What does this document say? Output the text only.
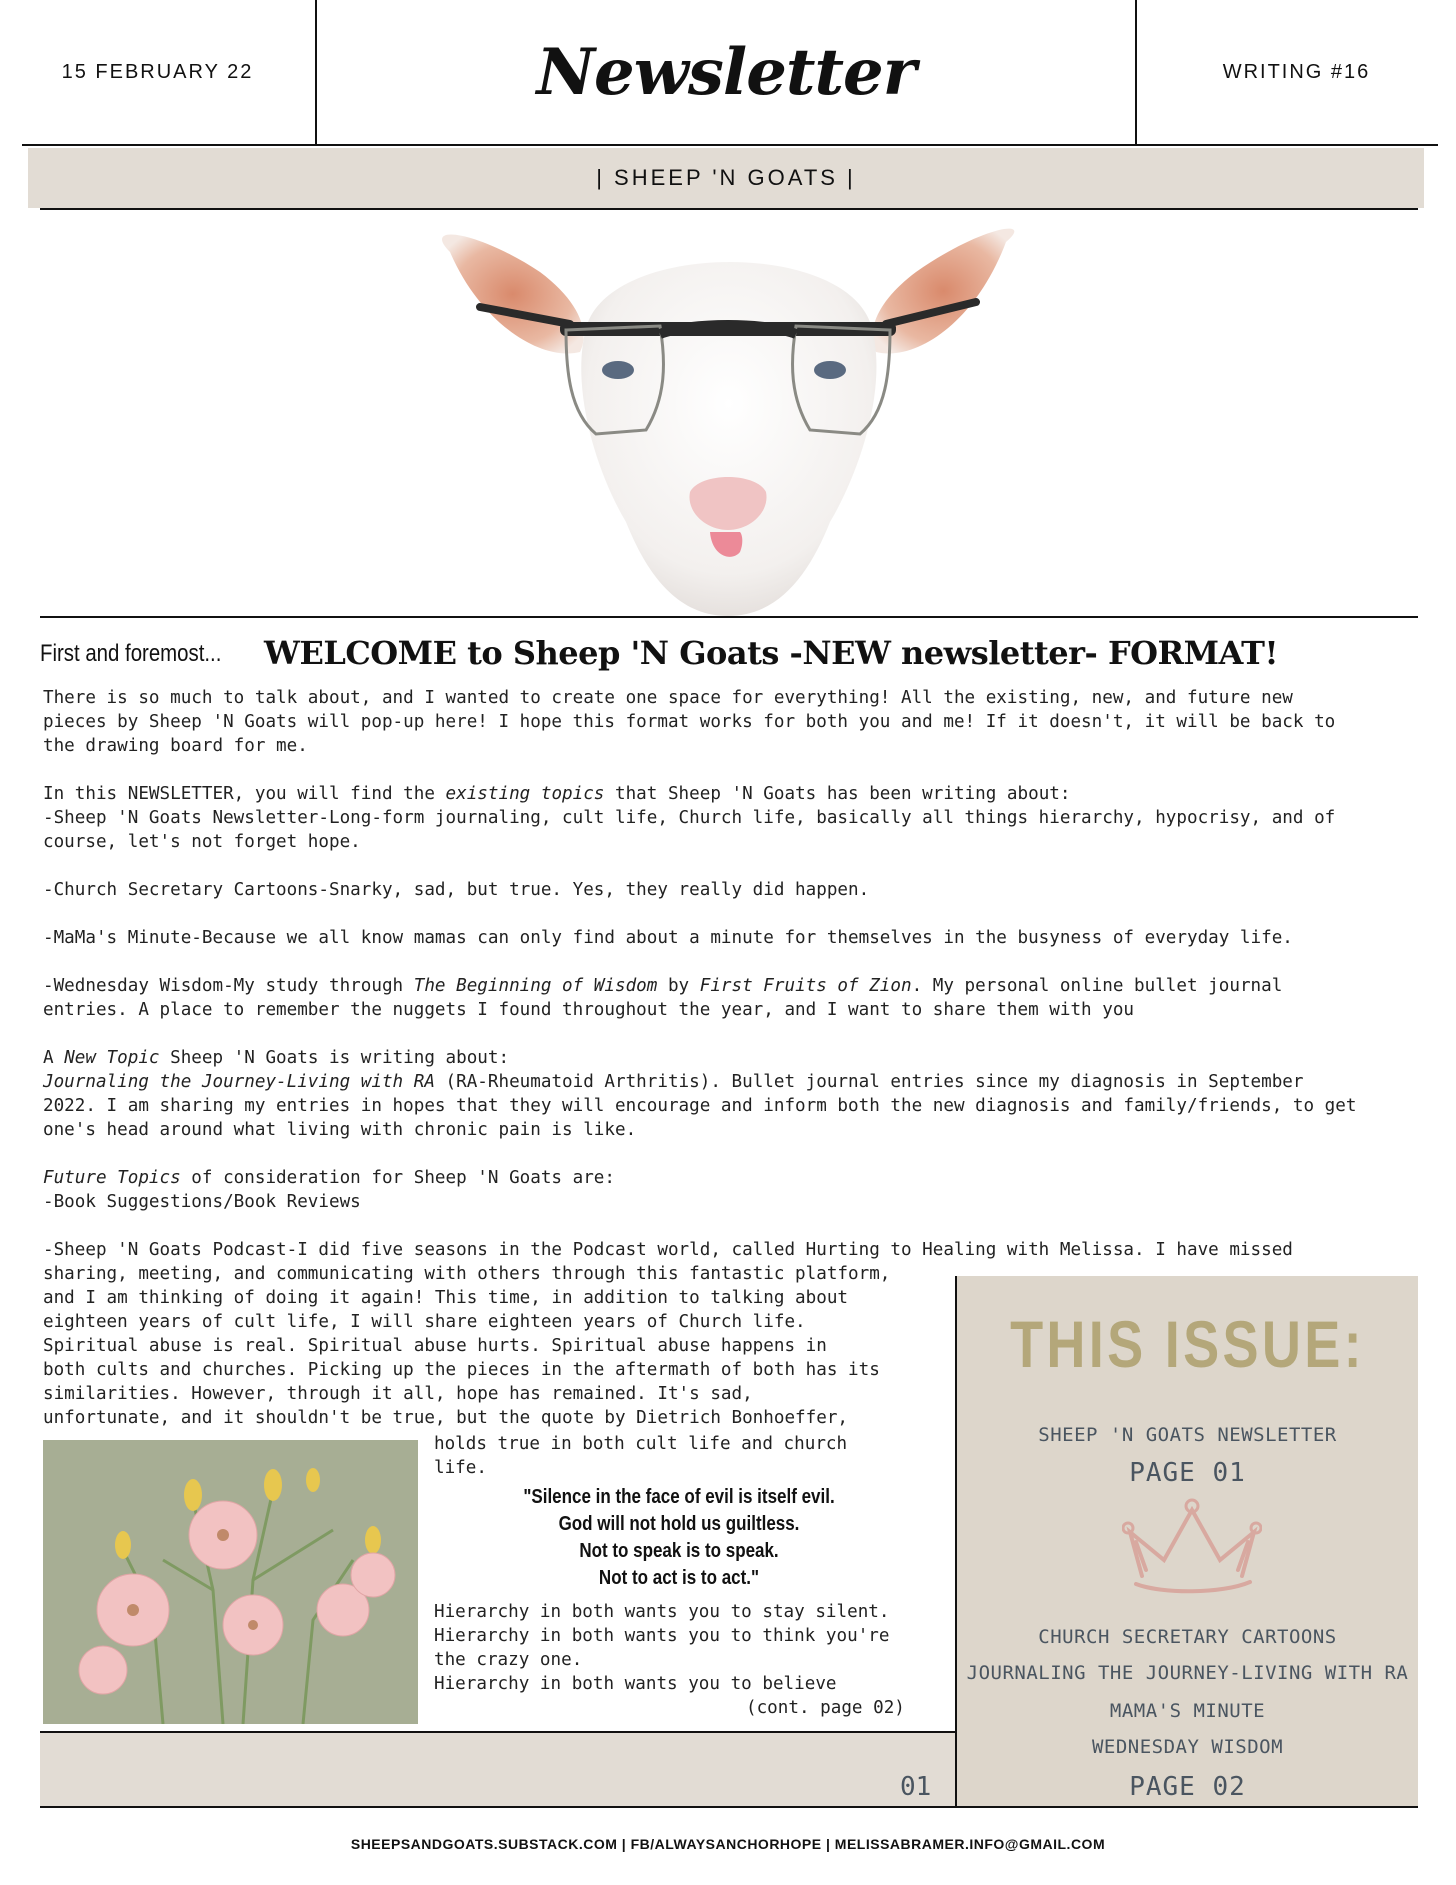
15 FEBRUARY 22	Newsletter	WRITING #16
| SHEEP 'N GOATS |
First and foremost... WELCOME to Sheep 'N Goats -NEW newsletter- FORMAT!
There is so much to talk about, and I wanted to create one space for everything! All the existing, new, and future new
pieces by Sheep 'N Goats will pop-up here! I hope this format works for both you and me! If it doesn't, it will be back to
the drawing board for me.
In this NEWSLETTER, you will find the existing topics that Sheep 'N Goats has been writing about:
-Sheep 'N Goats Newsletter-Long-form journaling, cult life, Church life, basically all things hierarchy, hypocrisy, and of
course, let's not forget hope.
-Church Secretary Cartoons-Snarky, sad, but true. Yes, they really did happen.
-MaMa's Minute-Because we all know mamas can only find about a minute for themselves in the busyness of everyday life.
-Wednesday Wisdom-My study through The Beginning of Wisdom by First Fruits of Zion. My personal online bullet journal
entries. A place to remember the nuggets I found throughout the year, and I want to share them with you
A New Topic Sheep 'N Goats is writing about:
Journaling the Journey-Living with RA (RA-Rheumatoid Arthritis). Bullet journal entries since my diagnosis in September
2022. I am sharing my entries in hopes that they will encourage and inform both the new diagnosis and family/friends, to get
one's head around what living with chronic pain is like.
Future Topics of consideration for Sheep 'N Goats are:
-Book Suggestions/Book Reviews
-Sheep 'N Goats Podcast-I did five seasons in the Podcast world, called Hurting to Healing with Melissa. I have missed
sharing, meeting, and communicating with others through this fantastic platform,
and I am thinking of doing it again! This time, in addition to talking about
eighteen years of cult life, I will share eighteen years of Church life.
Spiritual abuse is real. Spiritual abuse hurts. Spiritual abuse happens in
both cults and churches. Picking up the pieces in the aftermath of both has its
similarities. However, through it all, hope has remained. It's sad,
unfortunate, and it shouldn't be true, but the quote by Dietrich Bonhoeffer,
holds true in both cult life and church
life.
"Silence in the face of evil is itself evil.
God will not hold us guiltless.
Not to speak is to speak.
Not to act is to act."
Hierarchy in both wants you to stay silent.
Hierarchy in both wants you to think you're
the crazy one.
Hierarchy in both wants you to believe
(cont. page 02)
THIS ISSUE:
SHEEP 'N GOATS NEWSLETTER
PAGE 01
CHURCH SECRETARY CARTOONS
JOURNALING THE JOURNEY-LIVING WITH RA
MAMA'S MINUTE
WEDNESDAY WISDOM
PAGE 02
01
SHEEPSANDGOATS.SUBSTACK.COM | FB/ALWAYSANCHORHOPE | MELISSABRAMER.INFO@GMAIL.COM
